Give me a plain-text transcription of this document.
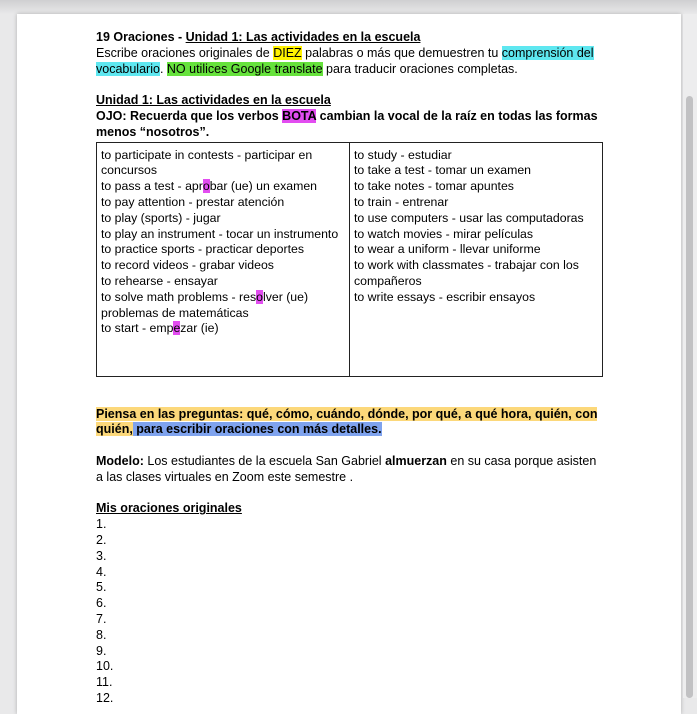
19 Oraciones - Unidad 1: Las actividades en la escuela

Escribe oraciones originales de DIEZ palabras o más que demuestren tu comprensión del vocabulario. NO utilices Google translate para traducir oraciones completas.

Unidad 1: Las actividades en la escuela

OJO: Recuerda que los verbos BOTA cambian la vocal de la raíz en todas las formas menos “nosotros”.

to participate in contests - participar en
concursos
to pass a test - aprobar (ue) un examen
to pay attention - prestar atención
to play (sports) - jugar
to play an instrument - tocar un instrumento
to practice sports - practicar deportes
to record videos - grabar videos
to rehearse - ensayar
to solve math problems - resolver (ue)
problemas de matemáticas
to start - empezar (ie)

to study - estudiar
to take a test - tomar un examen
to take notes - tomar apuntes
to train - entrenar
to use computers - usar las computadoras
to watch movies - mirar películas
to wear a uniform - llevar uniforme
to work with classmates - trabajar con los
compañeros
to write essays - escribir ensayos

Piensa en las preguntas: qué, cómo, cuándo, dónde, por qué, a qué hora, quién, con quién, para escribir oraciones con más detalles.

Modelo: Los estudiantes de la escuela San Gabriel almuerzan en su casa porque asisten a las clases virtuales en Zoom este semestre .

Mis oraciones originales

1.
2.
3.
4.
5.
6.
7.
8.
9.
10.
11.
12.
